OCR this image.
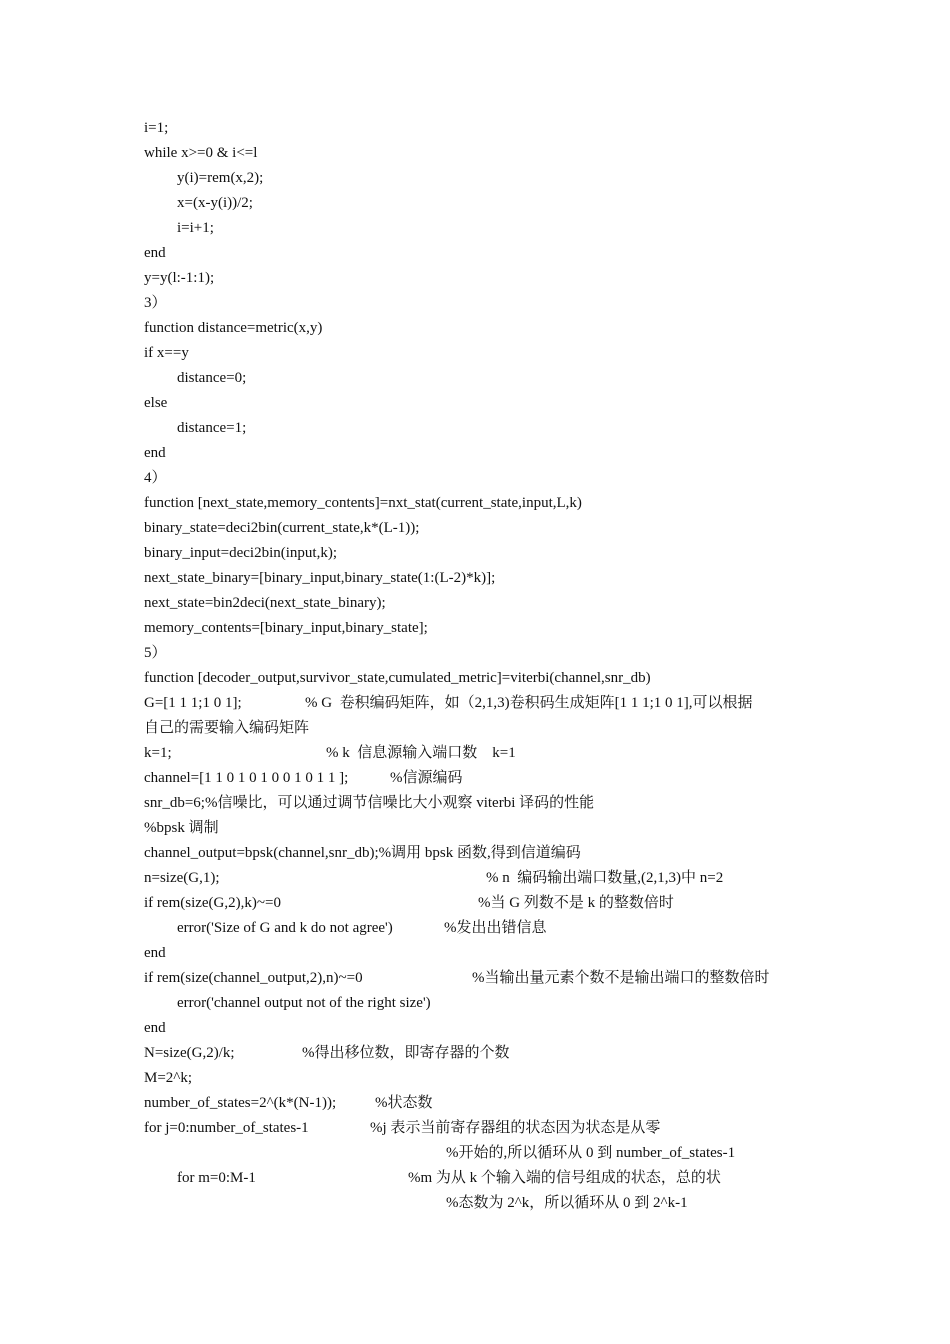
i=1;
while x>=0 & i<=l
y(i)=rem(x,2);
x=(x-y(i))/2;
i=i+1;
end
y=y(l:-1:1);
3）
function distance=metric(x,y)
if x==y
distance=0;
else
distance=1;
end
4）
function [next_state,memory_contents]=nxt_stat(current_state,input,L,k)
binary_state=deci2bin(current_state,k*(L-1));
binary_input=deci2bin(input,k);
next_state_binary=[binary_input,binary_state(1:(L-2)*k)];
next_state=bin2deci(next_state_binary);
memory_contents=[binary_input,binary_state];
5）
function [decoder_output,survivor_state,cumulated_metric]=viterbi(channel,snr_db)
G=[1 1 1;1 0 1];	% G  卷积编码矩阵，如（2,1,3)卷积码生成矩阵[1 1 1;1 0 1],可以根据
自己的需要输入编码矩阵
k=1;	% k  信息源输入端口数    k=1
channel=[1 1 0 1 0 1 0 0 1 0 1 1 ];	%信源编码
snr_db=6;%信噪比，可以通过调节信噪比大小观察 viterbi 译码的性能
%bpsk 调制
channel_output=bpsk(channel,snr_db);%调用 bpsk 函数,得到信道编码
n=size(G,1);	% n  编码输出端口数量,(2,1,3)中 n=2
if rem(size(G,2),k)~=0	%当 G 列数不是 k 的整数倍时
error('Size of G and k do not agree')	%发出出错信息
end
if rem(size(channel_output,2),n)~=0	%当输出量元素个数不是输出端口的整数倍时
error('channel output not of the right size')
end
N=size(G,2)/k;	%得出移位数，即寄存器的个数
M=2^k;
number_of_states=2^(k*(N-1));	%状态数
for j=0:number_of_states-1	%j 表示当前寄存器组的状态因为状态是从零
%开始的,所以循环从 0 到 number_of_states-1
for m=0:M-1	%m 为从 k 个输入端的信号组成的状态，总的状
%态数为 2^k，所以循环从 0 到 2^k-1
